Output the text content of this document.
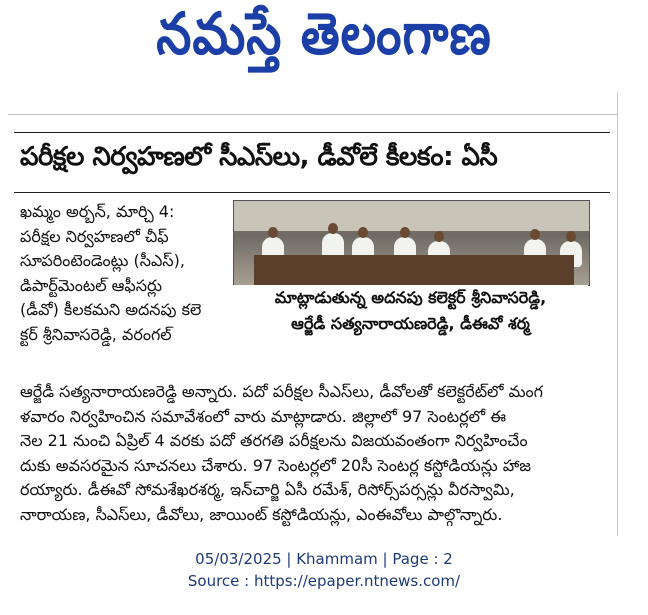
నమస్తే తెలంగాణ
పరీక్షల నిర్వహణలో సీఎస్‌లు, డీవోలే కీలకం: ఏసీ

ఖమ్మం అర్బన్, మార్చి 4:

పరీక్షల నిర్వహణలో చీఫ్

సూపరింటెండెంట్లు (సీఎస్),

డిపార్ట్‌మెంటల్ ఆఫీసర్లు

(డీవో) కీలకమని అదనపు కలె

క్టర్ శ్రీనివాసరెడ్డి, వరంగల్

మాట్లాడుతున్న అదనపు కలెక్టర్ శ్రీనివాసరెడ్డి,

ఆర్జేడీ సత్యనారాయణరెడ్డి, డీఈవో శర్మ

ఆర్జేడీ సత్యనారాయణరెడ్డి అన్నారు. పదో పరీక్షల సీఎస్‌లు, డీవోలతో కలెక్టరేట్‌లో మంగ

ళవారం నిర్వహించిన సమావేశంలో వారు మాట్లాడారు. జిల్లాలో 97 సెంటర్లలో ఈ

నెల 21 నుంచి ఏప్రిల్ 4 వరకు పదో తరగతి పరీక్షలను విజయవంతంగా నిర్వహించేం

దుకు అవసరమైన సూచనలు చేశారు. 97 సెంటర్లలో 20సీ సెంటర్ల కస్టోడియన్లు హాజ

రయ్యారు. డీఈవో సోమశేఖరశర్మ, ఇన్‌చార్జి ఏసీ రమేశ్, రిసోర్స్‌పర్సన్లు వీరస్వామి,

నారాయణ, సీఎస్‌లు, డీవోలు, జాయింట్ కస్టోడియన్లు, ఎంఈవోలు పాల్గొన్నారు.

05/03/2025 | Khammam | Page : 2
Source : https://epaper.ntnews.com/
